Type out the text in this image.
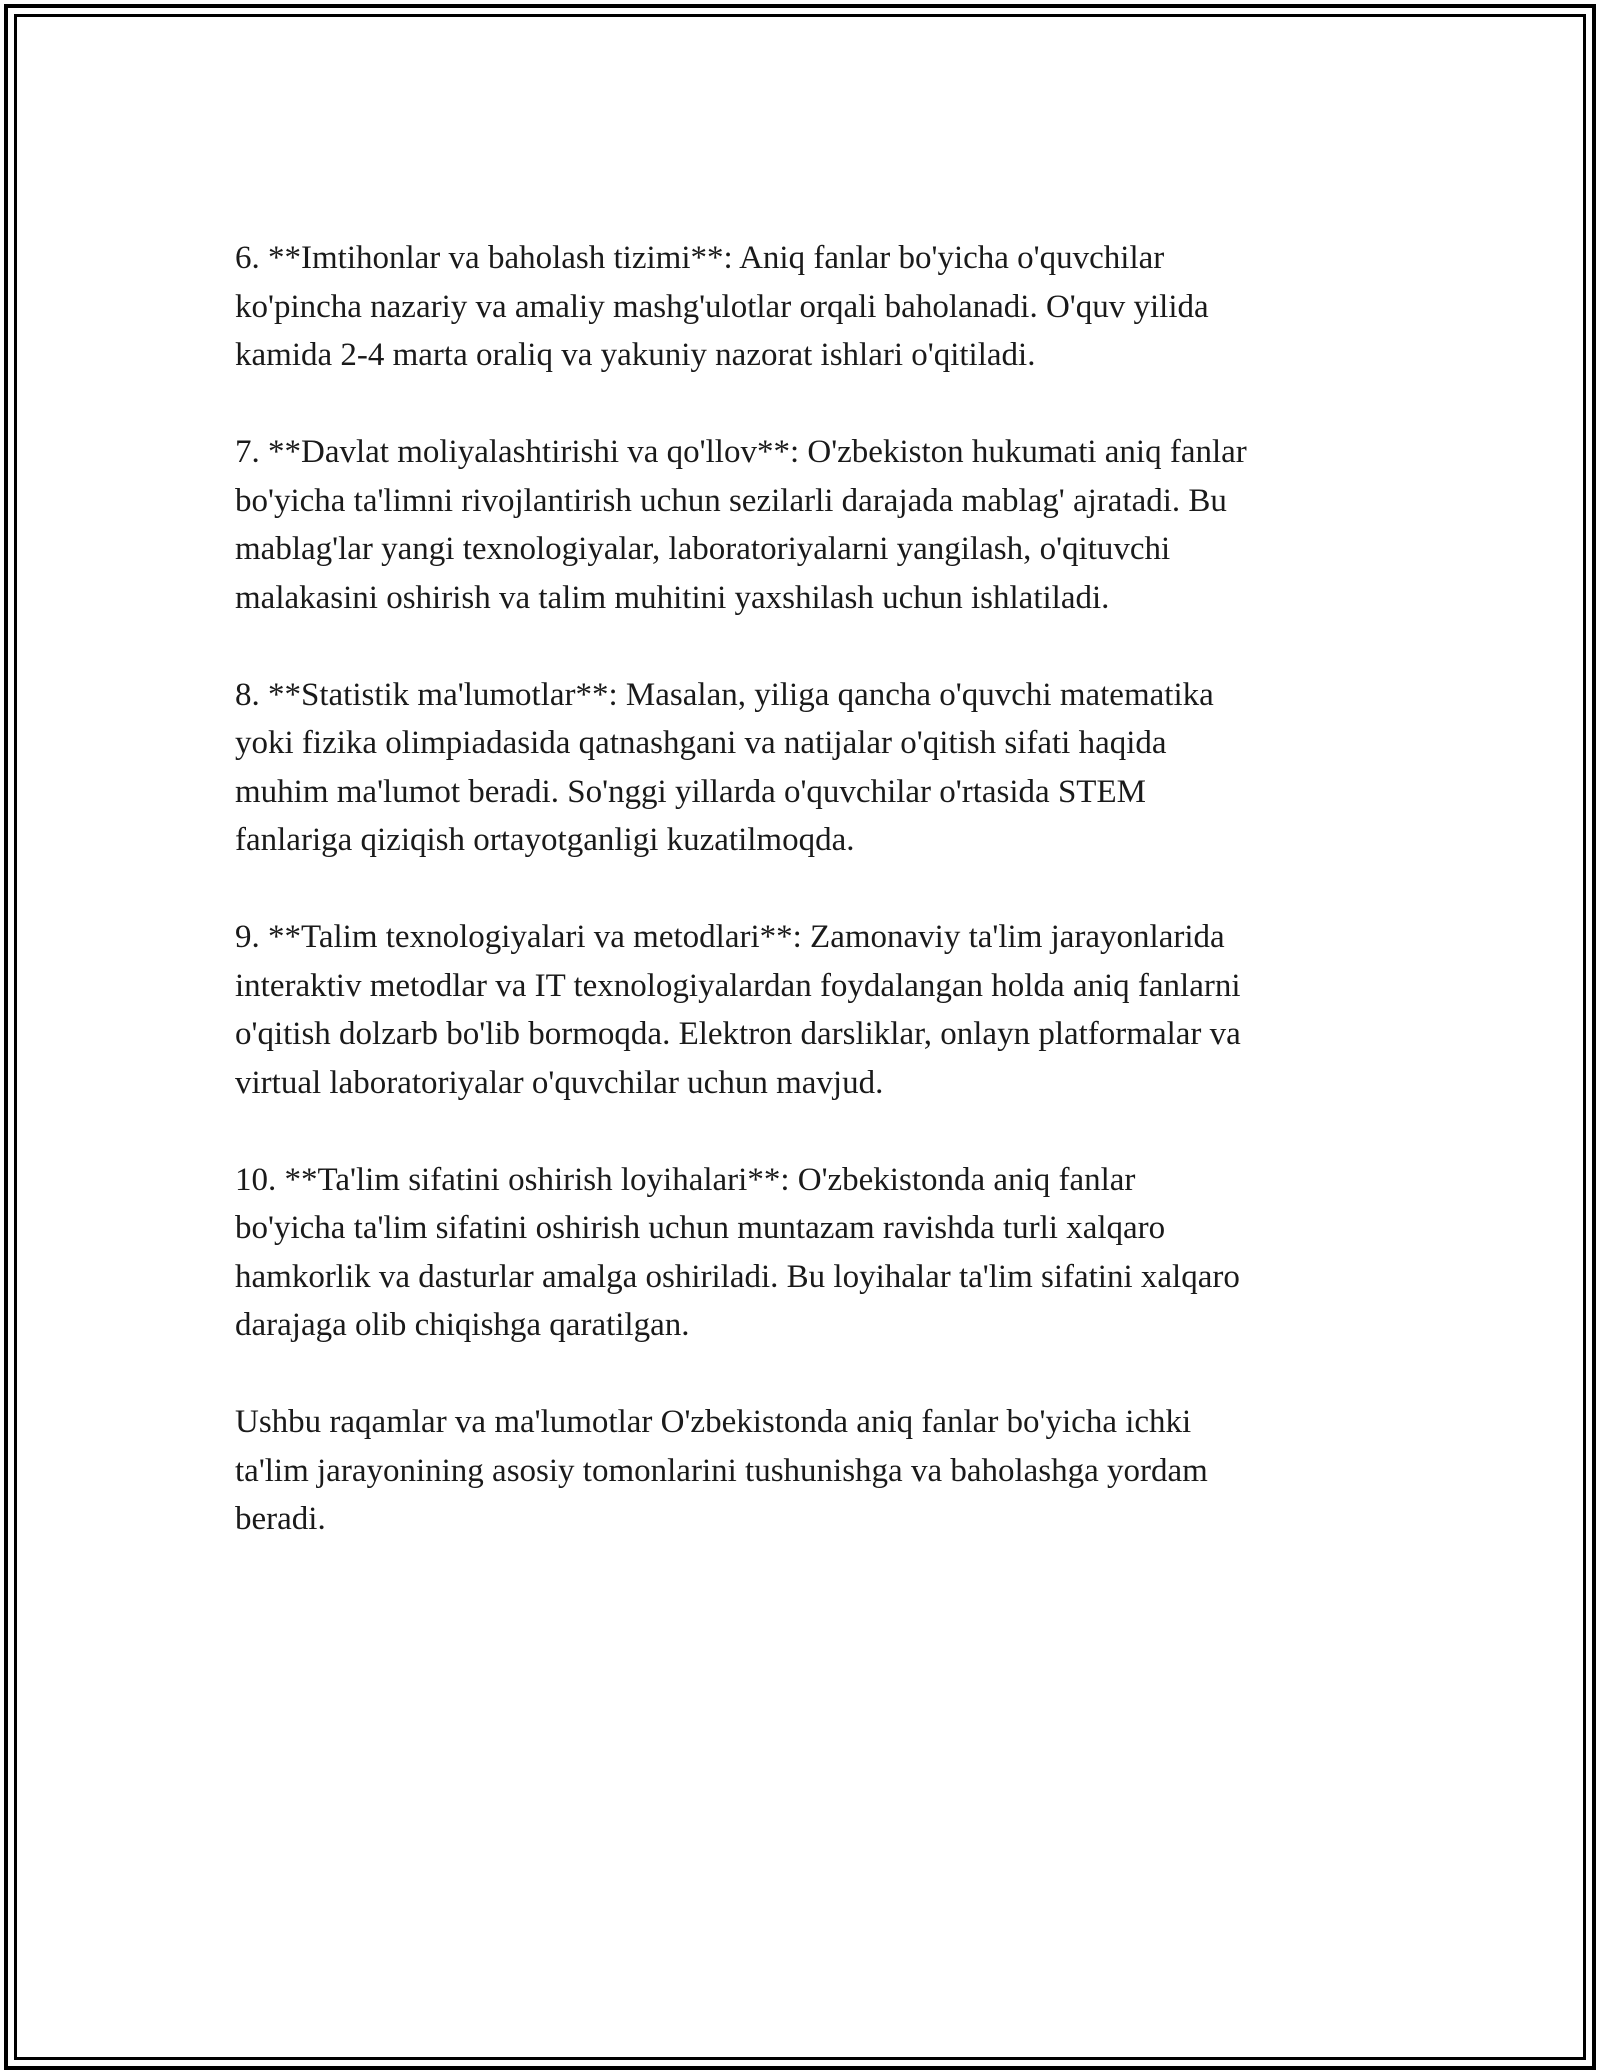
6. **Imtihonlar va baholash tizimi**: Aniq fanlar bo'yicha o'quvchilar
ko'pincha nazariy va amaliy mashg'ulotlar orqali baholanadi. O'quv yilida
kamida 2-4 marta oraliq va yakuniy nazorat ishlari o'qitiladi.

7. **Davlat moliyalashtirishi va qo'llov**: O'zbekiston hukumati aniq fanlar
bo'yicha ta'limni rivojlantirish uchun sezilarli darajada mablag' ajratadi. Bu
mablag'lar yangi texnologiyalar, laboratoriyalarni yangilash, o'qituvchi
malakasini oshirish va talim muhitini yaxshilash uchun ishlatiladi.

8. **Statistik ma'lumotlar**: Masalan, yiliga qancha o'quvchi matematika
yoki fizika olimpiadasida qatnashgani va natijalar o'qitish sifati haqida
muhim ma'lumot beradi. So'nggi yillarda o'quvchilar o'rtasida STEM
fanlariga qiziqish ortayotganligi kuzatilmoqda.

9. **Talim texnologiyalari va metodlari**: Zamonaviy ta'lim jarayonlarida
interaktiv metodlar va IT texnologiyalardan foydalangan holda aniq fanlarni
o'qitish dolzarb bo'lib bormoqda. Elektron darsliklar, onlayn platformalar va
virtual laboratoriyalar o'quvchilar uchun mavjud.

10. **Ta'lim sifatini oshirish loyihalari**: O'zbekistonda aniq fanlar
bo'yicha ta'lim sifatini oshirish uchun muntazam ravishda turli xalqaro
hamkorlik va dasturlar amalga oshiriladi. Bu loyihalar ta'lim sifatini xalqaro
darajaga olib chiqishga qaratilgan.

Ushbu raqamlar va ma'lumotlar O'zbekistonda aniq fanlar bo'yicha ichki
ta'lim jarayonining asosiy tomonlarini tushunishga va baholashga yordam
beradi.
